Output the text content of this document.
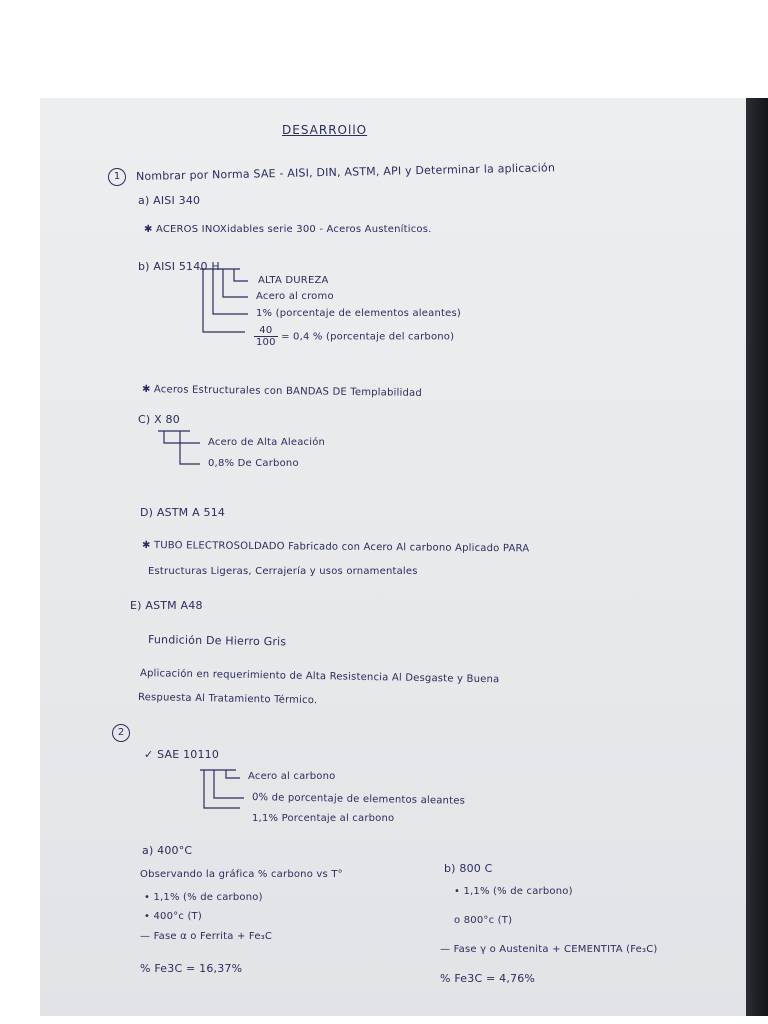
DESARROllO
1	Nombrar por Norma SAE - AISI, DIN, ASTM, API y Determinar la aplicación
a) AISI 340
✱ ACEROS INOXidables serie 300 - Aceros Austeníticos.
b) AISI 5140 H
ALTA DUREZA
Acero al cromo
1% (porcentaje de elementos aleantes)
$\frac{40}{100} = 0,4$ % (porcentaje del carbono)
✱ Aceros Estructurales con BANDAS DE Templabilidad
C) X 80
Acero de Alta Aleación
0,8% De Carbono
D) ASTM A 514
✱ TUBO ELECTROSOLDADO Fabricado con Acero Al carbono Aplicado PARA
Estructuras Ligeras, Cerrajería y usos ornamentales
E) ASTM A48
Fundición De Hierro Gris
Aplicación en requerimiento de Alta Resistencia Al Desgaste y Buena
Respuesta Al Tratamiento Térmico.
2
✓ SAE 10110
Acero al carbono
0% de porcentaje de elementos aleantes
1,1% Porcentaje al carbono
a) 400°C
Observando la gráfica % carbono vs T°
• 1,1% (% de carbono)
• 400°c (T)
— Fase α o Ferrita + Fe₃C
% Fe3C = 16,37%
b) 800 C
• 1,1% (% de carbono)
o 800°c (T)
— Fase γ o Austenita + CEMENTITA (Fe₃C)
% Fe3C = 4,76%
